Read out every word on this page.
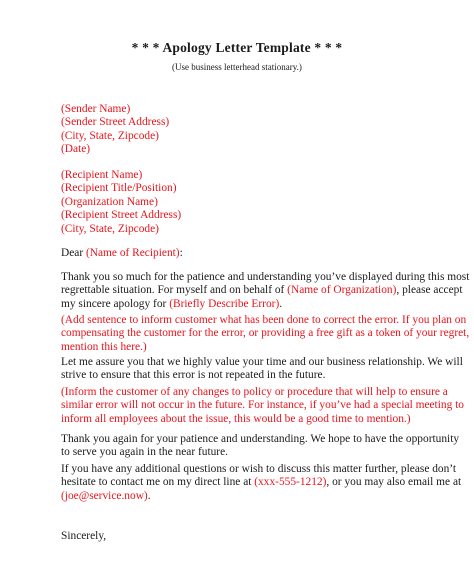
* * * Apology Letter Template * * *
(Use business letterhead stationary.)
(Sender Name)
(Sender Street Address)
(City, State, Zipcode)
(Date)
(Recipient Name)
(Recipient Title/Position)
(Organization Name)
(Recipient Street Address)
(City, State, Zipcode)
Dear (Name of Recipient):
Thank you so much for the patience and understanding you’ve displayed during this most
regrettable situation. For myself and on behalf of (Name of Organization), please accept
my sincere apology for (Briefly Describe Error).
(Add sentence to inform customer what has been done to correct the error. If you plan on
compensating the customer for the error, or providing a free gift as a token of your regret,
mention this here.)
Let me assure you that we highly value your time and our business relationship. We will
strive to ensure that this error is not repeated in the future.
(Inform the customer of any changes to policy or procedure that will help to ensure a
similar error will not occur in the future. For instance, if you’ve had a special meeting to
inform all employees about the issue, this would be a good time to mention.)
Thank you again for your patience and understanding. We hope to have the opportunity
to serve you again in the near future.
If you have any additional questions or wish to discuss this matter further, please don’t
hesitate to contact me on my direct line at (xxx-555-1212), or you may also email me at
(joe@service.now).
Sincerely,
